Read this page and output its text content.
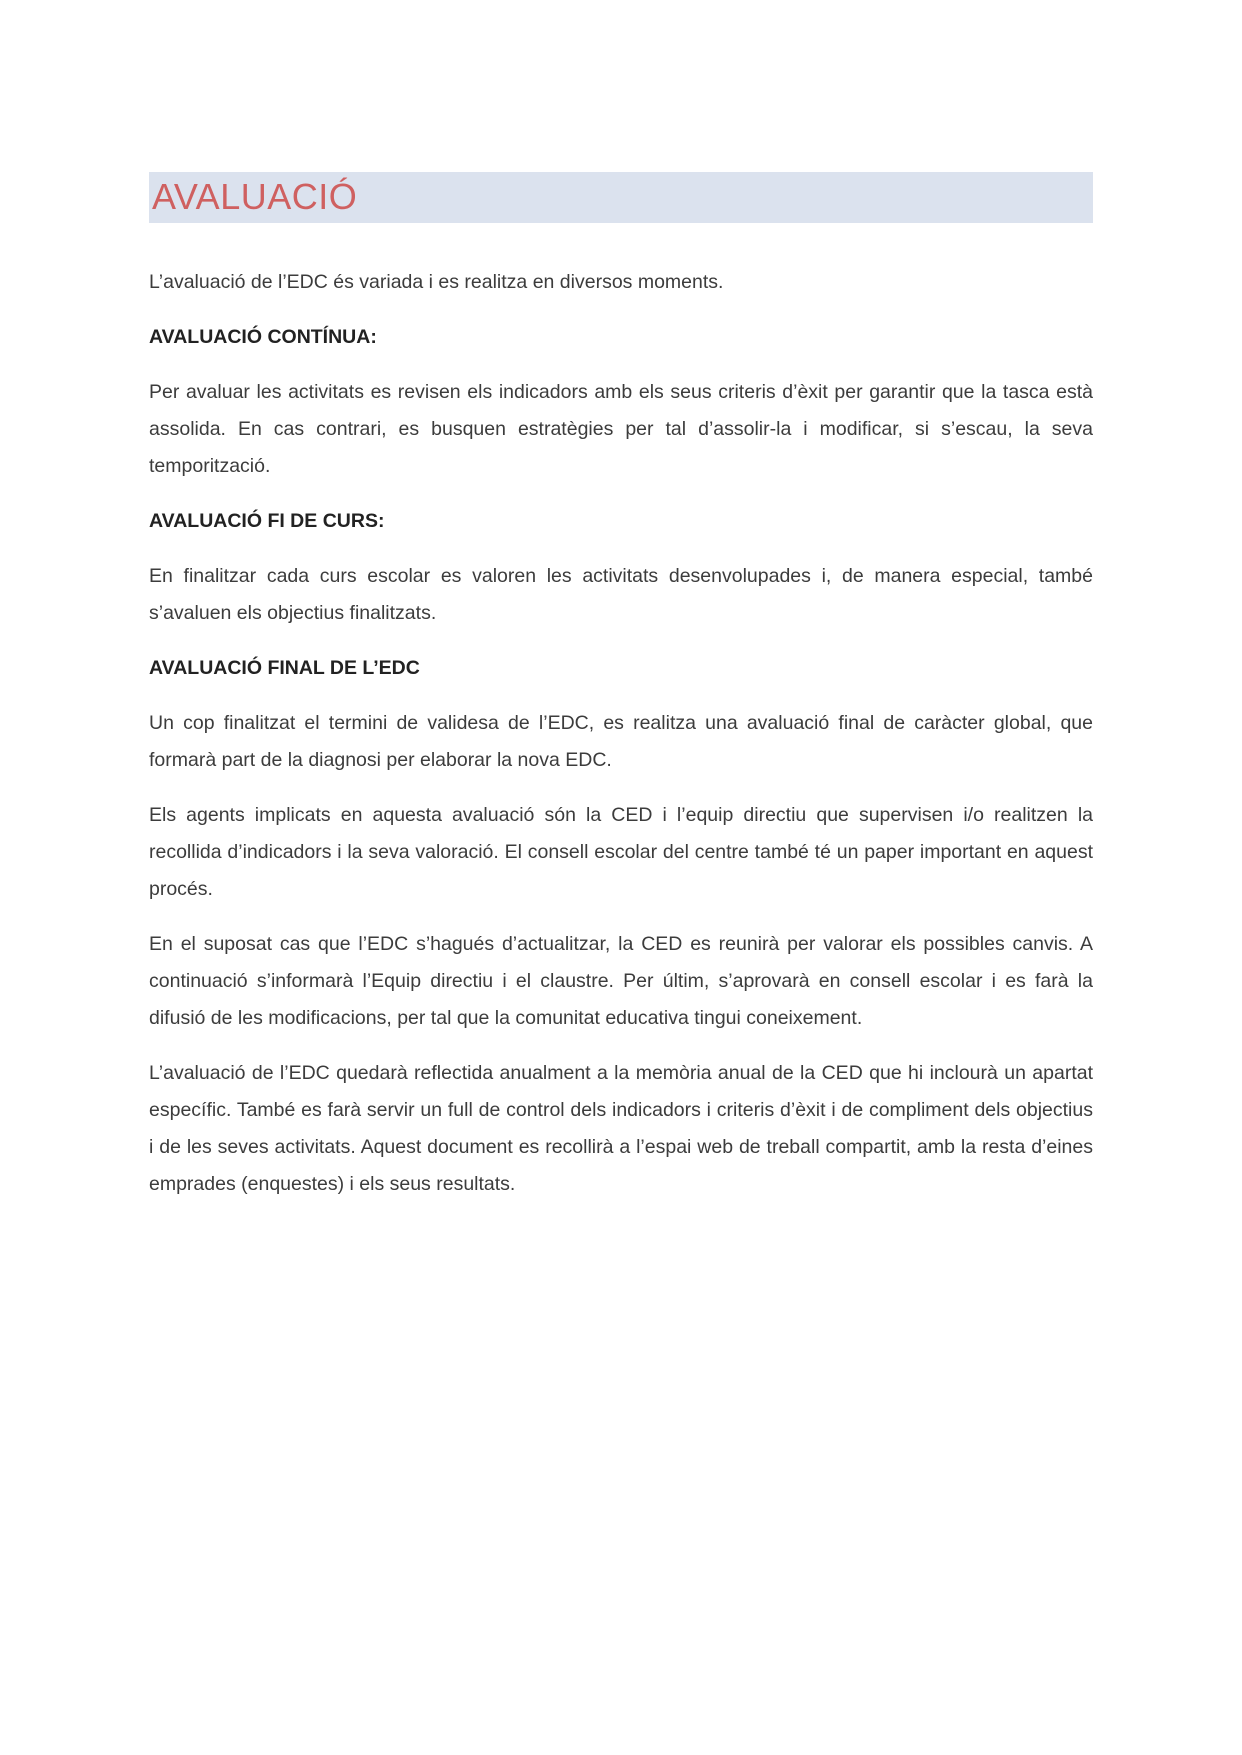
AVALUACIÓ

L’avaluació de l’EDC és variada i es realitza en diversos moments.

AVALUACIÓ CONTÍNUA:

Per avaluar les activitats es revisen els indicadors amb els seus criteris d’èxit per garantir que la tasca està assolida. En cas contrari, es busquen estratègies per tal d’assolir-la i modificar, si s’escau, la seva temporització.

AVALUACIÓ FI DE CURS:

En finalitzar cada curs escolar es valoren les activitats desenvolupades i, de manera especial, també s’avaluen els objectius finalitzats.

AVALUACIÓ FINAL DE L’EDC

Un cop finalitzat el termini de validesa de l’EDC, es realitza una avaluació final de caràcter global, que formarà part de la diagnosi per elaborar la nova EDC.

Els agents implicats en aquesta avaluació són la CED i l’equip directiu que supervisen i/o realitzen la recollida d’indicadors i la seva valoració. El consell escolar del centre també té un paper important en aquest procés.

En el suposat cas que l’EDC s’hagués d’actualitzar, la CED es reunirà per valorar els possibles canvis. A continuació s’informarà l’Equip directiu i el claustre. Per últim, s’aprovarà en consell escolar i es farà la difusió de les modificacions, per tal que la comunitat educativa tingui coneixement.

L’avaluació de l’EDC quedarà reflectida anualment a la memòria anual de la CED que hi inclourà un apartat específic. També es farà servir un full de control dels indicadors i criteris d’èxit i de compliment dels objectius i de les seves activitats. Aquest document es recollirà a l’espai web de treball compartit, amb la resta d’eines emprades (enquestes) i els seus resultats.
